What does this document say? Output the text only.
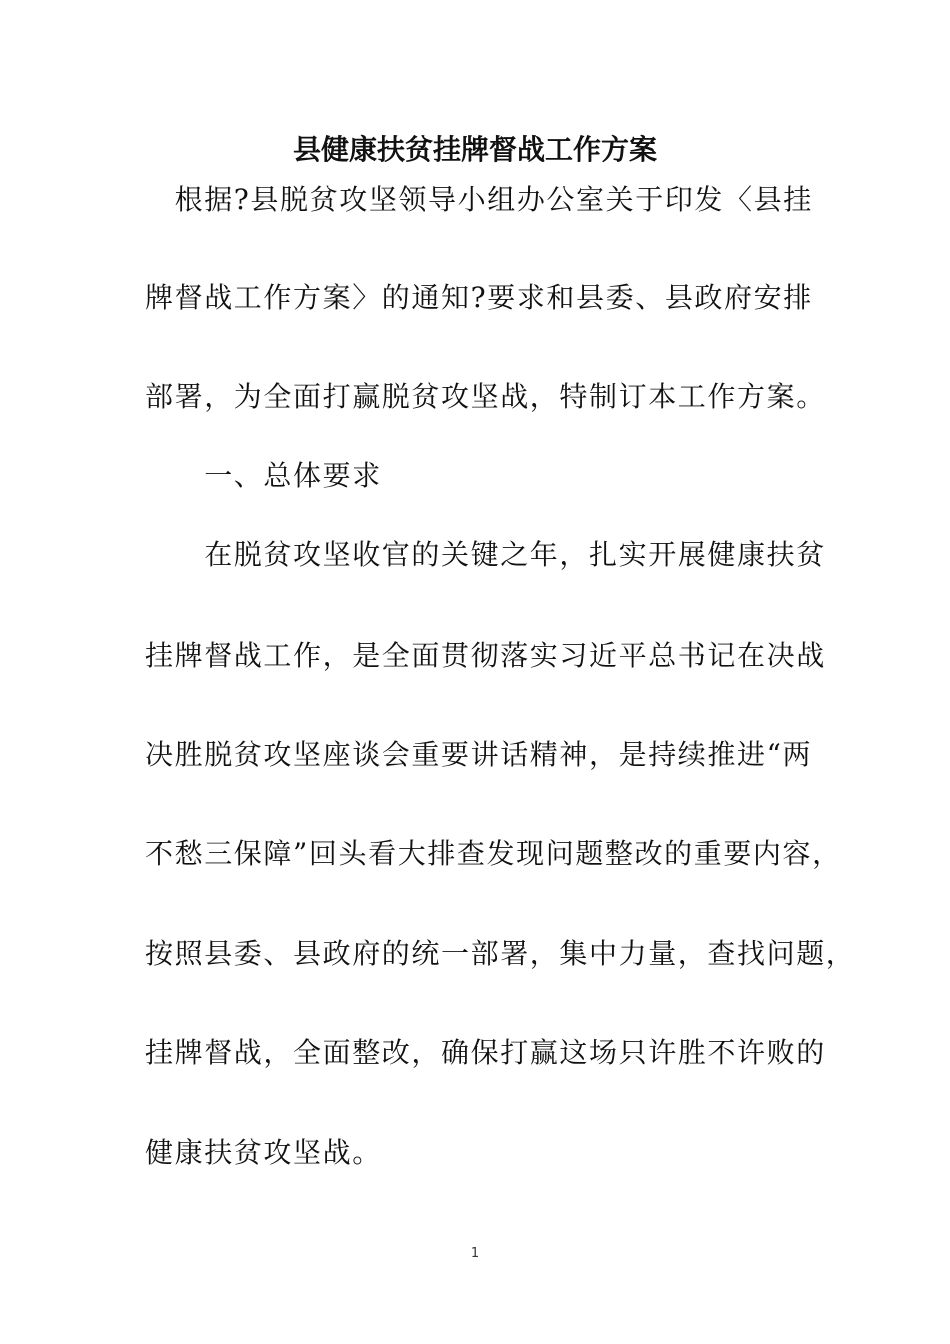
县健康扶贫挂牌督战工作方案
　根据?县脱贫攻坚领导小组办公室关于印发〈县挂
牌督战工作方案〉的通知?要求和县委、县政府安排
部署，为全面打赢脱贫攻坚战，特制订本工作方案。
　　一、总体要求
　　在脱贫攻坚收官的关键之年，扎实开展健康扶贫
挂牌督战工作，是全面贯彻落实习近平总书记在决战
决胜脱贫攻坚座谈会重要讲话精神，是持续推进“两
不愁三保障”回头看大排查发现问题整改的重要内容，
按照县委、县政府的统一部署，集中力量，查找问题，
挂牌督战，全面整改，确保打赢这场只许胜不许败的
健康扶贫攻坚战。
1
